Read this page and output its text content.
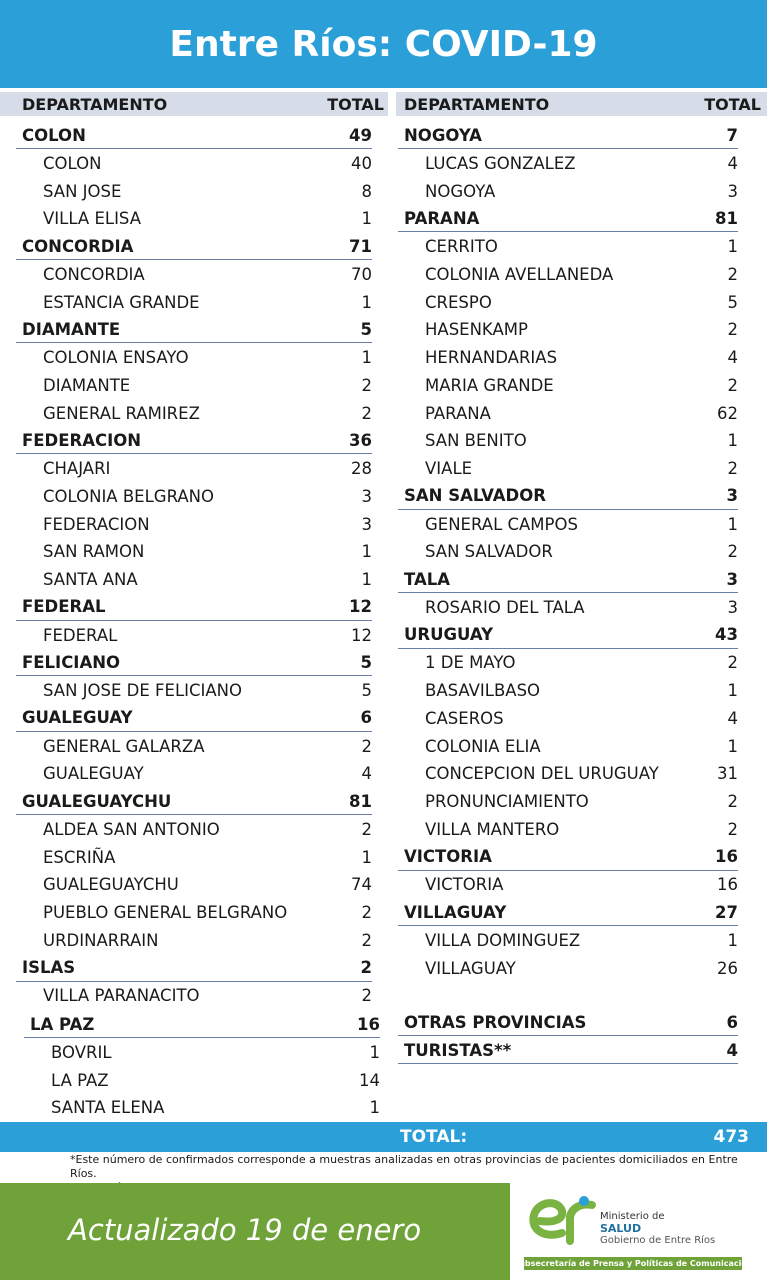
Entre Ríos: COVID-19
DEPARTAMENTO	TOTAL DEPARTAMENTO	TOTAL
COLON	49
COLON	40
SAN JOSE	8
VILLA ELISA	1
CONCORDIA	71
CONCORDIA	70
ESTANCIA GRANDE	1
DIAMANTE	5
COLONIA ENSAYO	1
DIAMANTE	2
GENERAL RAMIREZ	2
FEDERACION	36
CHAJARI	28
COLONIA BELGRANO	3
FEDERACION	3
SAN RAMON	1
SANTA ANA	1
FEDERAL	12
FEDERAL	12
FELICIANO	5
SAN JOSE DE FELICIANO	5
GUALEGUAY	6
GENERAL GALARZA	2
GUALEGUAY	4
GUALEGUAYCHU	81
ALDEA SAN ANTONIO	2
ESCRIÑA	1
GUALEGUAYCHU	74
PUEBLO GENERAL BELGRANO	2
URDINARRAIN	2
ISLAS	2
VILLA PARANACITO	2
LA PAZ	16
BOVRIL	1
LA PAZ	14
SANTA ELENA	1
NOGOYA	7
LUCAS GONZALEZ	4
NOGOYA	3
PARANA	81
CERRITO	1
COLONIA AVELLANEDA	2
CRESPO	5
HASENKAMP	2
HERNANDARIAS	4
MARIA GRANDE	2
PARANA	62
SAN BENITO	1
VIALE	2
SAN SALVADOR	3
GENERAL CAMPOS	1
SAN SALVADOR	2
TALA	3
ROSARIO DEL TALA	3
URUGUAY	43
1 DE MAYO	2
BASAVILBASO	1
CASEROS	4
COLONIA ELIA	1
CONCEPCION DEL URUGUAY	31
PRONUNCIAMIENTO	2
VILLA MANTERO	2
VICTORIA	16
VICTORIA	16
VILLAGUAY	27
VILLA DOMINGUEZ	1
VILLAGUAY	26
OTRAS PROVINCIAS	6
TURISTAS**	4
TOTAL:	473
*Este número de confirmados corresponde a muestras analizadas en otras provincias de pacientes domiciliados en Entre Ríos.
Actualizado 19 de enero	Ministerio de
SALUD
Gobierno de Entre Ríos
Subsecretaría de Prensa y Políticas de Comunicación
